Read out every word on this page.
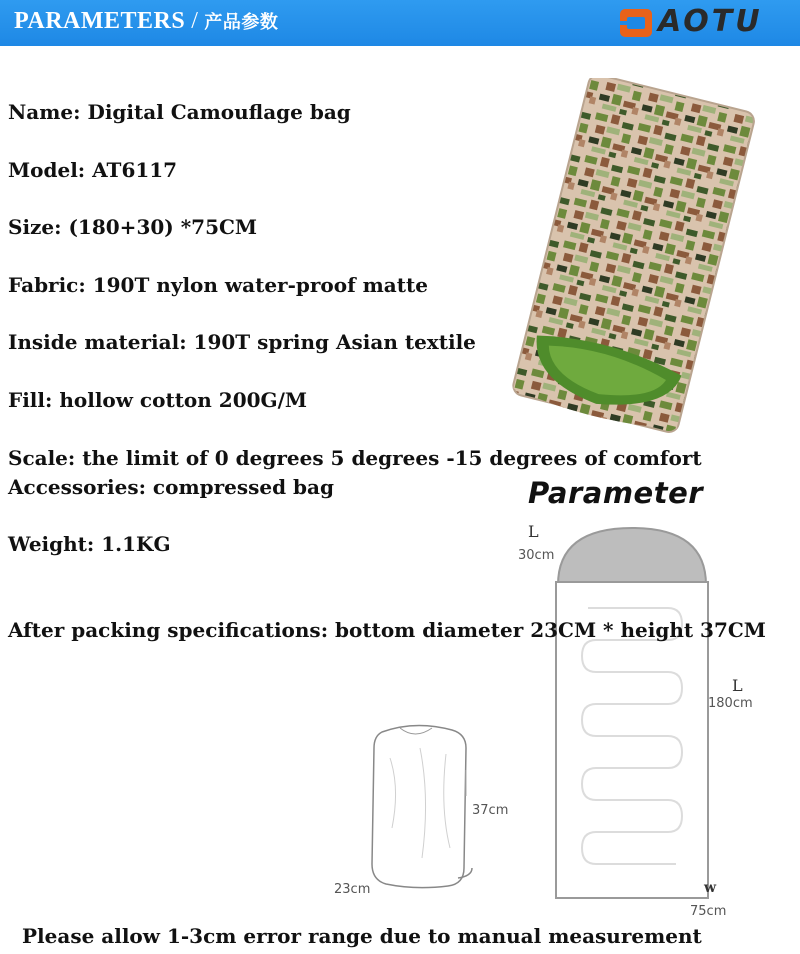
PARAMETERS / 产品参数	AOTU
Name: Digital Camouflage bag
Model: AT6117
Size: (180+30) *75CM
Fabric: 190T nylon water-proof matte
Inside material: 190T spring Asian textile
Fill: hollow cotton 200G/M
Scale: the limit of 0 degrees 5 degrees -15 degrees of comfort
Accessories: compressed bag
Weight: 1.1KG
Parameter
L
30cm
L
180cm
w
75cm
After packing specifications: bottom diameter 23CM * height 37CM
37cm
23cm
Please allow 1-3cm error range due to manual measurement
